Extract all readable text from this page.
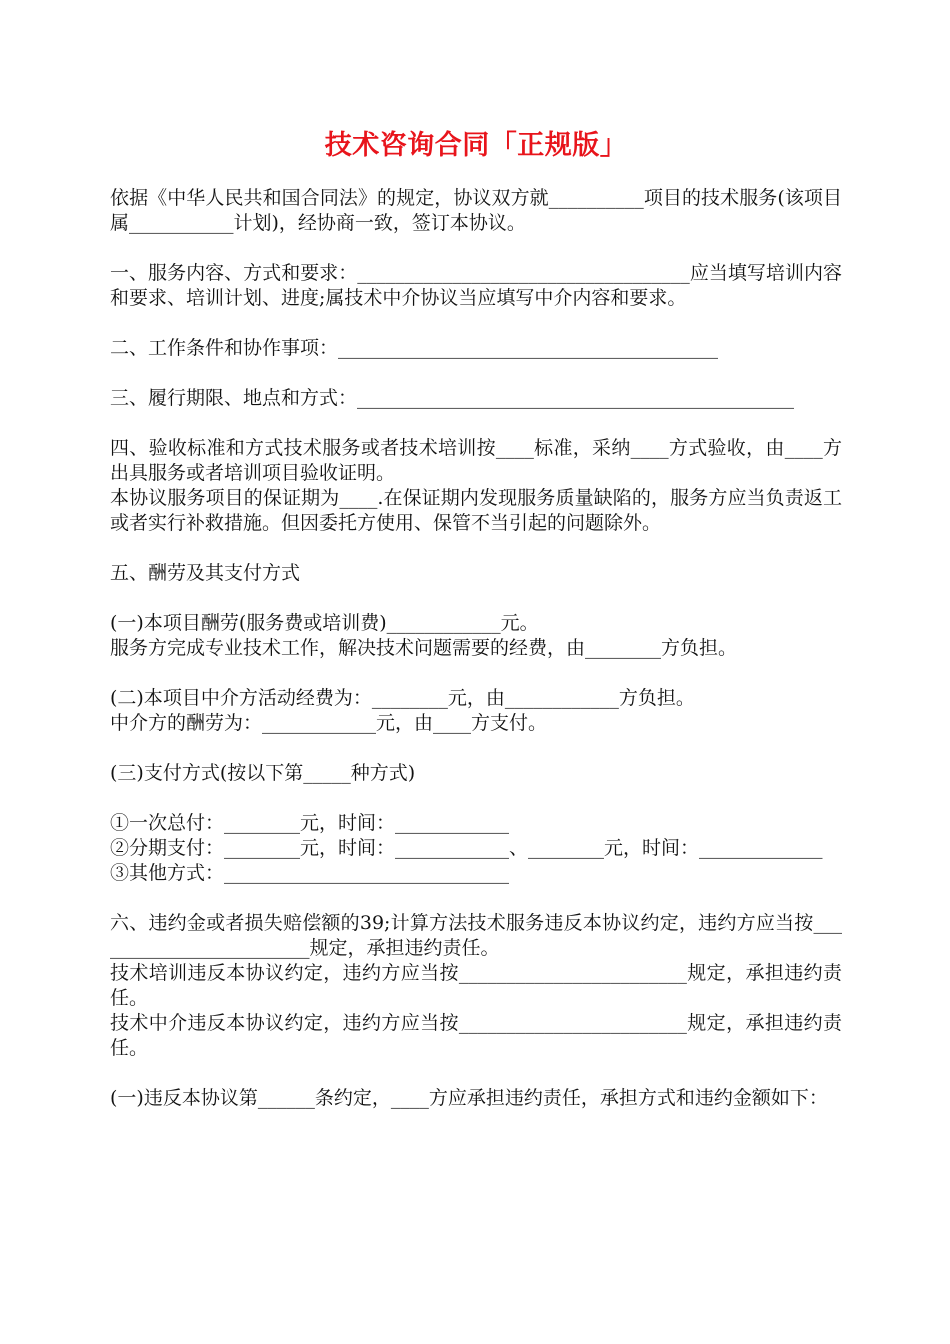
技术咨询合同「正规版」

依据《中华人民共和国合同法》的规定，协议双方就__________项目的技术服务(该项目属___________计划)，经协商一致，签订本协议。

一、服务内容、方式和要求：___________________________________应当填写培训内容和要求、培训计划、进度;属技术中介协议当应填写中介内容和要求。

二、工作条件和协作事项：________________________________________

三、履行期限、地点和方式：______________________________________________

四、验收标准和方式技术服务或者技术培训按____标准，采纳____方式验收，由____方出具服务或者培训项目验收证明。
本协议服务项目的保证期为____.在保证期内发现服务质量缺陷的，服务方应当负责返工或者实行补救措施。但因委托方使用、保管不当引起的问题除外。

五、酬劳及其支付方式

(一)本项目酬劳(服务费或培训费)____________元。
服务方完成专业技术工作，解决技术问题需要的经费，由________方负担。

(二)本项目中介方活动经费为：________元，由____________方负担。
中介方的酬劳为：____________元，由____方支付。

(三)支付方式(按以下第_____种方式)

①一次总付：________元，时间：____________
②分期支付：________元，时间：____________、________元，时间：_____________
③其他方式：______________________________

六、违约金或者损失赔偿额的39;计算方法技术服务违反本协议约定，违约方应当按________________________规定，承担违约责任。
技术培训违反本协议约定，违约方应当按________________________规定，承担违约责任。
技术中介违反本协议约定，违约方应当按________________________规定，承担违约责任。

(一)违反本协议第______条约定，____方应承担违约责任，承担方式和违约金额如下：
